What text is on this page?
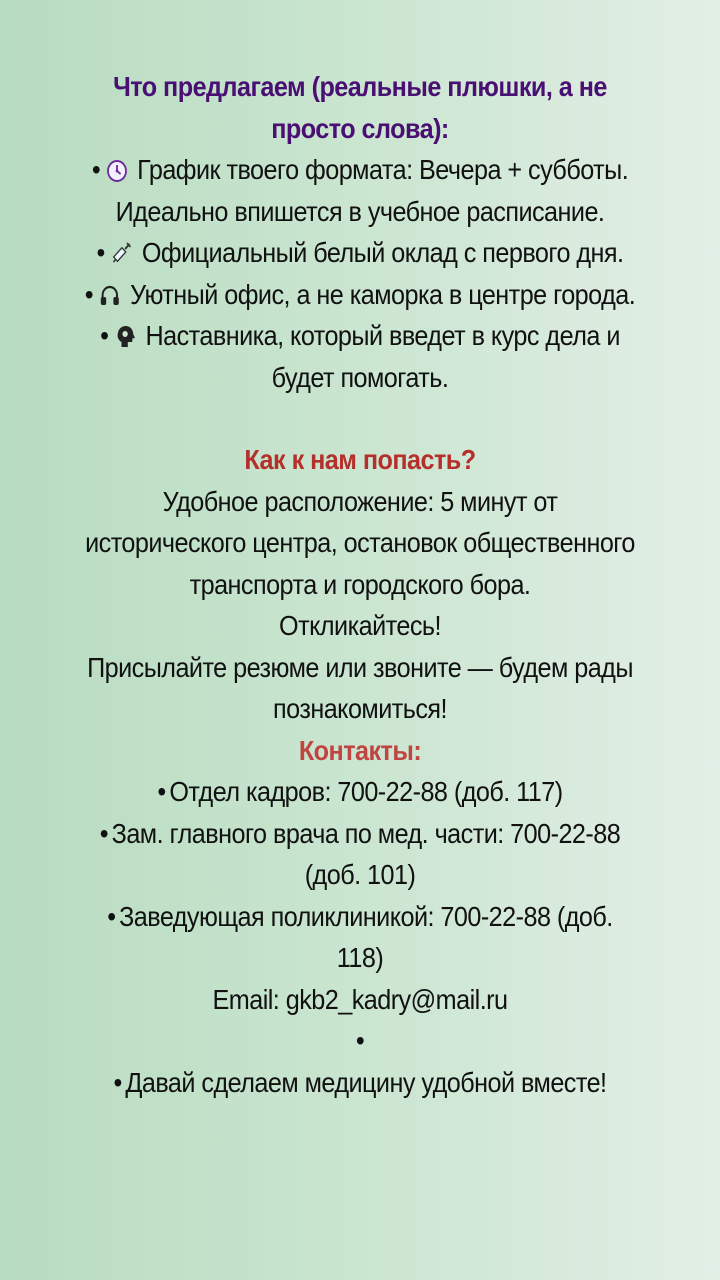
Что предлагаем (реальные плюшки, а не просто слова):

• График твоего формата: Вечера + субботы. Идеально впишется в учебное расписание.

• Официальный белый оклад с первого дня.

• Уютный офис, а не каморка в центре города.

• Наставника, который введет в курс дела и будет помогать.

Как к нам попасть?

Удобное расположение: 5 минут от исторического центра, остановок общественного транспорта и городского бора.

Откликайтесь!

Присылайте резюме или звоните — будем рады познакомиться!

Контакты:

• Отдел кадров: 700-22-88 (доб. 117)

• Зам. главного врача по мед. части: 700-22-88 (доб. 101)

• Заведующая поликлиникой: 700-22-88 (доб. 118)

Email: gkb2_kadry@mail.ru

•

• Давай сделаем медицину удобной вместе!
